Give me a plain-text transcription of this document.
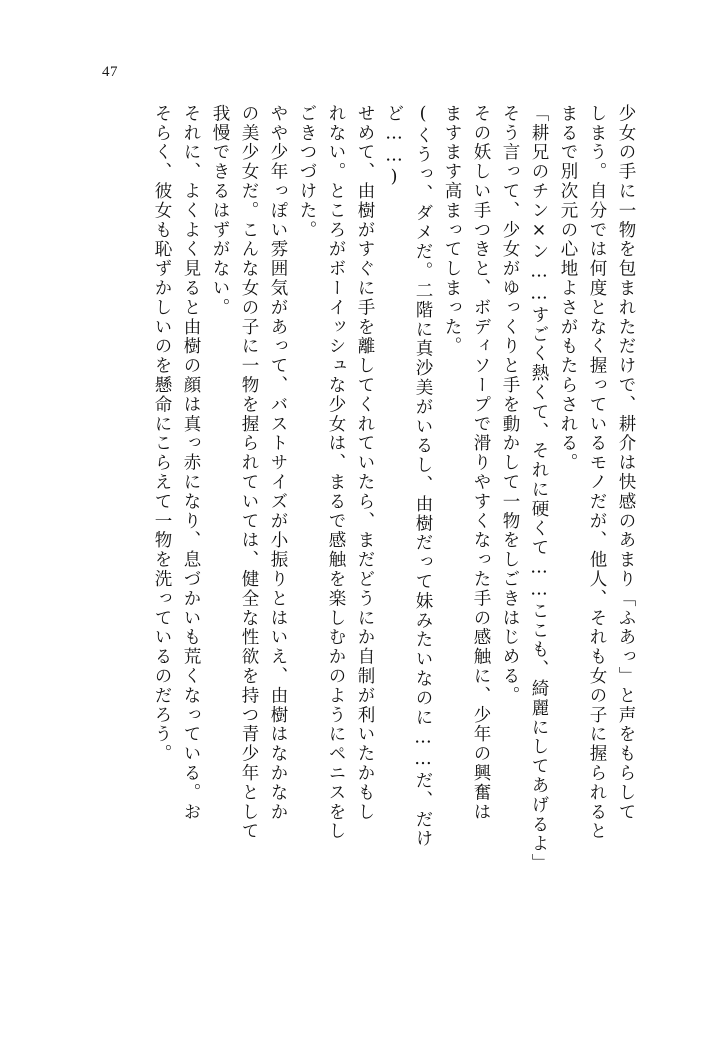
47
少女の手に一物を包まれただけで、耕介は快感のあまり「ふあっ」と声をもらして
しまう。自分では何度となく握っているモノだが、他人、それも女の子に握られると
まるで別次元の心地よさがもたらされる。
「耕兄のチン×ン……すごく熱くて、それに硬くて……ここも、綺麗にしてあげるよ」
そう言って、少女がゆっくりと手を動かして一物をしごきはじめる。
その妖しい手つきと、ボディソープで滑りやすくなった手の感触に、少年の興奮は
ますます高まってしまった。
(くうっ、ダメだ。二階に真沙美がいるし、由樹だって妹みたいなのに……だ、だけ
ど……)
せめて、由樹がすぐに手を離してくれていたら、まだどうにか自制が利いたかもし
れない。ところがボーイッシュな少女は、まるで感触を楽しむかのようにペニスをし
ごきつづけた。
やや少年っぽい雰囲気があって、バストサイズが小振りとはいえ、由樹はなかなか
の美少女だ。こんな女の子に一物を握られていては、健全な性欲を持つ青少年として
我慢できるはずがない。
それに、よくよく見ると由樹の顔は真っ赤になり、息づかいも荒くなっている。お
そらく、彼女も恥ずかしいのを懸命にこらえて一物を洗っているのだろう。
